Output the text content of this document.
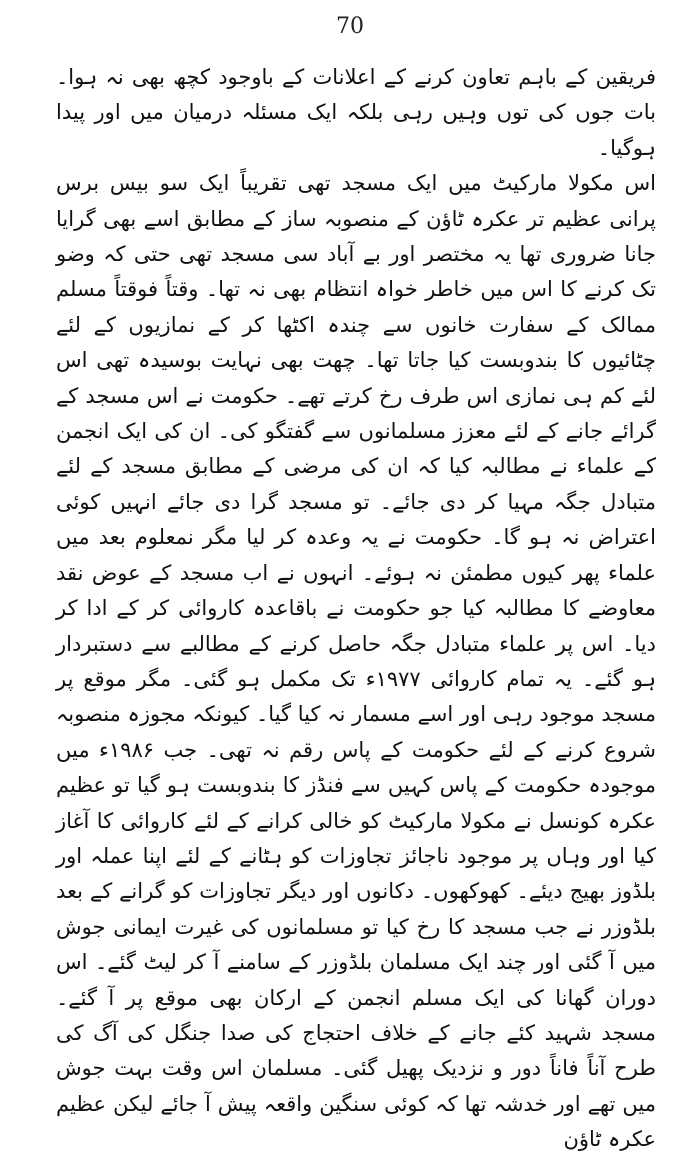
70

فریقین کے باہم تعاون کرنے کے اعلانات کے باوجود کچھ بھی نہ ہوا۔ بات جوں کی توں وہیں رہی بلکہ ایک مسئلہ درمیان میں اور پیدا ہوگیا۔

اس مکولا مارکیٹ میں ایک مسجد تھی تقریباً ایک سو بیس برس پرانی عظیم تر عکرہ ٹاؤن کے منصوبہ ساز کے مطابق اسے بھی گرایا جانا ضروری تھا یہ مختصر اور بے آباد سی مسجد تھی حتی کہ وضو تک کرنے کا اس میں خاطر خواہ انتظام بھی نہ تھا۔ وقتاً فوقتاً مسلم ممالک کے سفارت خانوں سے چندہ اکٹھا کر کے نمازیوں کے لئے چٹائیوں کا بندوبست کیا جاتا تھا۔ چھت بھی نہایت بوسیدہ تھی اس لئے کم ہی نمازی اس طرف رخ کرتے تھے۔ حکومت نے اس مسجد کے گرائے جانے کے لئے معزز مسلمانوں سے گفتگو کی۔ ان کی ایک انجمن کے علماء نے مطالبہ کیا کہ ان کی مرضی کے مطابق مسجد کے لئے متبادل جگہ مہیا کر دی جائے۔ تو مسجد گرا دی جائے انہیں کوئی اعتراض نہ ہو گا۔ حکومت نے یہ وعدہ کر لیا مگر نمعلوم بعد میں علماء پھر کیوں مطمئن نہ ہوئے۔ انہوں نے اب مسجد کے عوض نقد معاوضے کا مطالبہ کیا جو حکومت نے باقاعدہ کاروائی کر کے ادا کر دیا۔ اس پر علماء متبادل جگہ حاصل کرنے کے مطالبے سے دستبردار ہو گئے۔ یہ تمام کاروائی ۱۹۷۷ء تک مکمل ہو گئی۔ مگر موقع پر مسجد موجود رہی اور اسے مسمار نہ کیا گیا۔ کیونکہ مجوزہ منصوبہ شروع کرنے کے لئے حکومت کے پاس رقم نہ تھی۔ جب ۱۹۸۶ء میں موجودہ حکومت کے پاس کہیں سے فنڈز کا بندوبست ہو گیا تو عظیم عکرہ کونسل نے مکولا مارکیٹ کو خالی کرانے کے لئے کاروائی کا آغاز کیا اور وہاں پر موجود ناجائز تجاوزات کو ہٹانے کے لئے اپنا عملہ اور بلڈوز بھیج دیئے۔ کھوکھوں۔ دکانوں اور دیگر تجاوزات کو گرانے کے بعد بلڈوزر نے جب مسجد کا رخ کیا تو مسلمانوں کی غیرت ایمانی جوش میں آ گئی اور چند ایک مسلمان بلڈوزر کے سامنے آ کر لیٹ گئے۔ اس دوران گھانا کی ایک مسلم انجمن کے ارکان بھی موقع پر آ گئے۔ مسجد شہید کئے جانے کے خلاف احتجاج کی صدا جنگل کی آگ کی طرح آناً فاناً دور و نزدیک پھیل گئی۔ مسلمان اس وقت بہت جوش میں تھے اور خدشہ تھا کہ کوئی سنگین واقعہ پیش آ جائے لیکن عظیم عکرہ ٹاؤن
